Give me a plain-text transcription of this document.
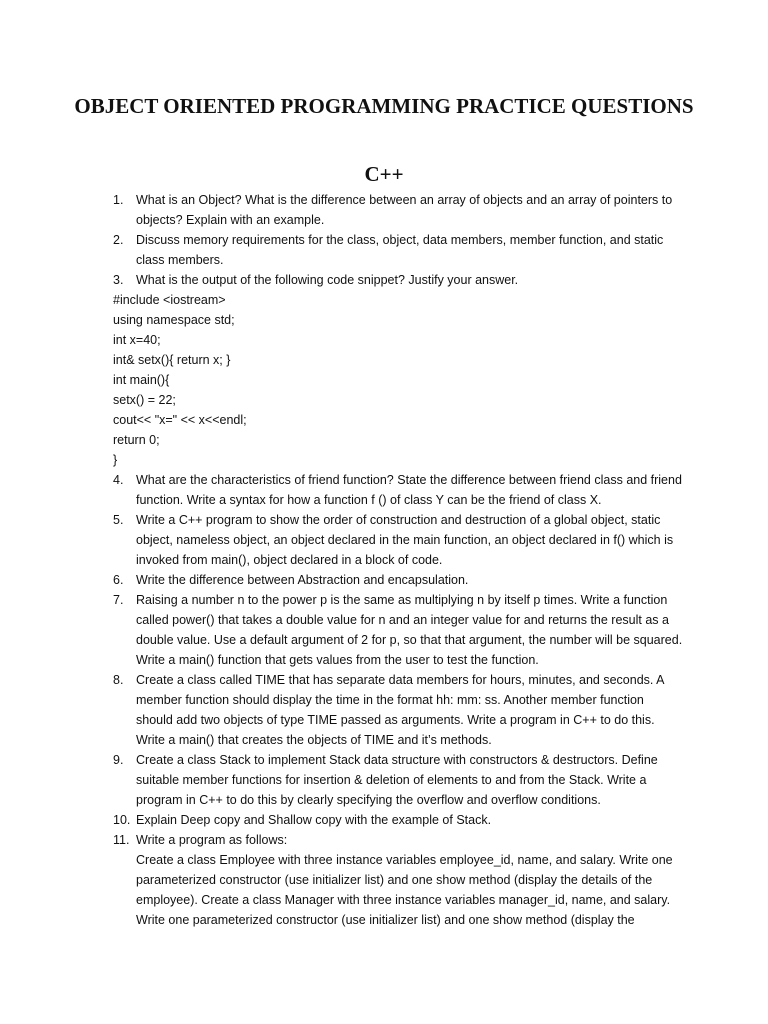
OBJECT ORIENTED PROGRAMMING PRACTICE QUESTIONS
C++
1. What is an Object? What is the difference between an array of objects and an array of pointers to objects? Explain with an example.

2. Discuss memory requirements for the class, object, data members, member function, and static class members.

3. What is the output of the following code snippet? Justify your answer.

#include <iostream>

using namespace std;

int x=40;

int& setx(){ return x; }

int main(){

setx() = 22;

cout<< "x=" << x<<endl;

return 0;

}

4. What are the characteristics of friend function? State the difference between friend class and friend function. Write a syntax for how a function f () of class Y can be the friend of class X.

5. Write a C++ program to show the order of construction and destruction of a global object, static object, nameless object, an object declared in the main function, an object declared in f() which is invoked from main(), object declared in a block of code.

6. Write the difference between Abstraction and encapsulation.

7. Raising a number n to the power p is the same as multiplying n by itself p times. Write a function called power() that takes a double value for n and an integer value for and returns the result as a double value. Use a default argument of 2 for p, so that that argument, the number will be squared. Write a main() function that gets values from the user to test the function.

8. Create a class called TIME that has separate data members for hours, minutes, and seconds. A member function should display the time in the format hh: mm: ss. Another member function should add two objects of type TIME passed as arguments. Write a program in C++ to do this. Write a main() that creates the objects of TIME and it’s methods.

9. Create a class Stack to implement Stack data structure with constructors & destructors. Define suitable member functions for insertion & deletion of elements to and from the Stack. Write a program in C++ to do this by clearly specifying the overflow and overflow conditions.

10. Explain Deep copy and Shallow copy with the example of Stack.

11. Write a program as follows:

Create a class Employee with three instance variables employee_id, name, and salary. Write one parameterized constructor (use initializer list) and one show method (display the details of the employee). Create a class Manager with three instance variables manager_id, name, and salary. Write one parameterized constructor (use initializer list) and one show method (display the
